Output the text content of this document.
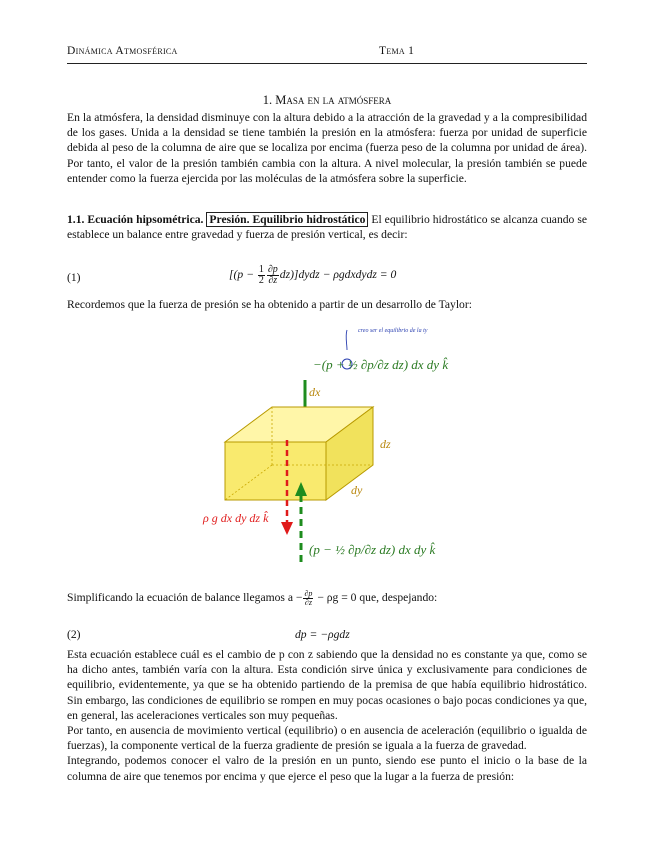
Dinámica Atmosférica	Tema 1
1. Masa en la atmósfera

En la atmósfera, la densidad disminuye con la altura debido a la atracción de la gravedad y a la compresibilidad de los gases. Unida a la densidad se tiene también la presión en la atmósfera: fuerza por unidad de superficie debida al peso de la columna de aire que se localiza por encima (fuerza peso de la columna por unidad de área). Por tanto, el valor de la presión también cambia con la altura. A nivel molecular, la presión también se puede entender como la fuerza ejercida por las moléculas de la atmósfera sobre la superficie.

1.1. Ecuación hipsométrica. Presión. Equilibrio hidrostático El equilibrio hidrostático se alcanza cuando se establece un balance entre gravedad y fuerza de presión vertical, es decir:

(1)	[($p - \frac{1}{2} \frac{\partial p}{\partial z}$ dz)]dydz − ρgdxdydz = 0

Recordemos que la fuerza de presión se ha obtenido a partir de un desarrollo de Taylor:

creo ser el equilibrio de la ty
−(p + ½ ∂p/∂z dz) dx dy k̂
dx
ρ g dx dy dz k̂
dz
dy
(p − ½ ∂p/∂z dz) dx dy k̂

Simplificando la ecuación de balance llegamos $a - \frac{\partial p}{\partial z} - \rho g = 0$ que, despejando:

(2)	dp = −ρgdz

Esta ecuación establece cuál es el cambio de p con z sabiendo que la densidad no es constante ya que, como se ha dicho antes, también varía con la altura. Esta condición sirve única y exclusivamente para condiciones de equilibrio, evidentemente, ya que se ha obtenido partiendo de la premisa de que había equilibrio hidrostático. Sin embargo, las condiciones de equilibrio se rompen en muy pocas ocasiones o bajo pocas condiciones ya que, en general, las aceleraciones verticales son muy pequeñas.

Por tanto, en ausencia de movimiento vertical (equilibrio) o en ausencia de aceleración (equilibrio o igualda de fuerzas), la componente vertical de la fuerza gradiente de presión se iguala a la fuerza de gravedad.

Integrando, podemos conocer el valro de la presión en un punto, siendo ese punto el inicio o la base de la columna de aire que tenemos por encima y que ejerce el peso que la lugar a la fuerza de presión:
